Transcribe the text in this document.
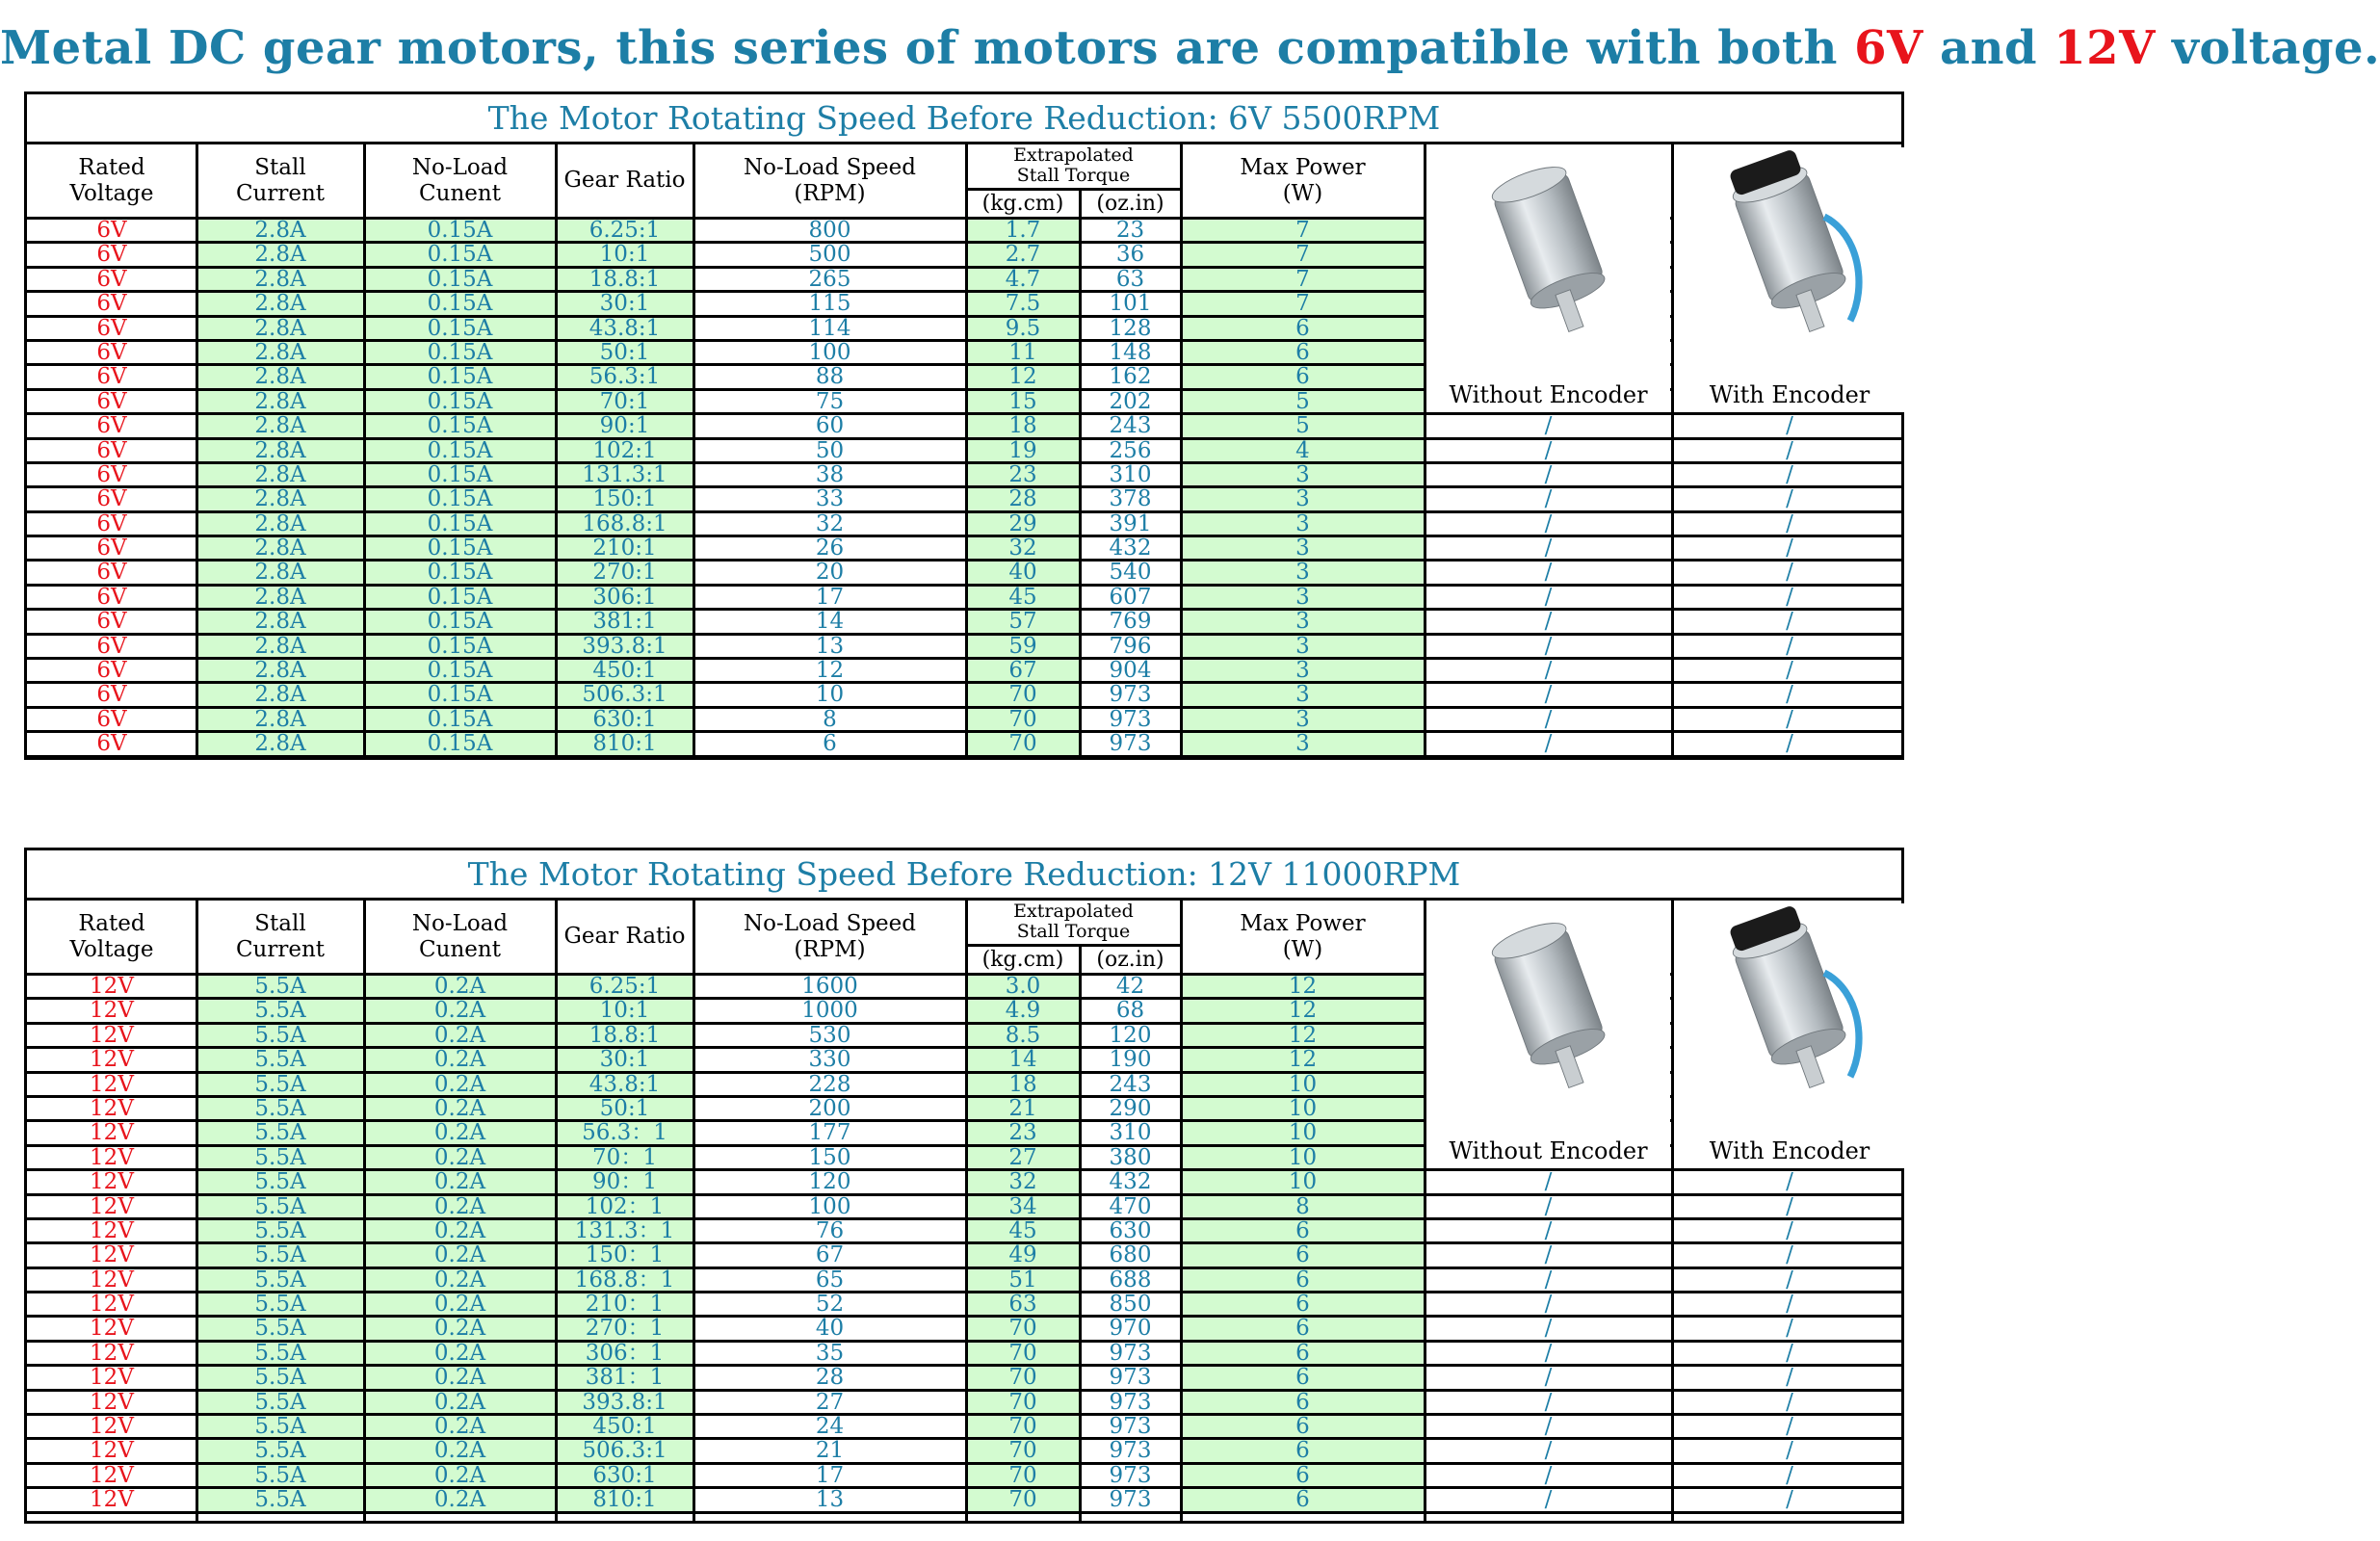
Metal DC gear motors, this series of motors are compatible with both 6V and 12V voltage.
The Motor Rotating Speed Before Reduction: 6V 5500RPM
Rated
Voltage
Stall
Current
No-Load
Cunent
Gear Ratio
No-Load Speed
(RPM)
Max Power
(W)
Extrapolated
Stall Torque
(kg.cm)	(oz.in)
6V	2.8A	0.15A	6.25:1	800	1.7	23	7
6V	2.8A	0.15A	10:1	500	2.7	36	7
6V	2.8A	0.15A	18.8:1	265	4.7	63	7
6V	2.8A	0.15A	30:1	115	7.5	101	7
6V	2.8A	0.15A	43.8:1	114	9.5	128	6
6V	2.8A	0.15A	50:1	100	11	148	6
6V	2.8A	0.15A	56.3:1	88	12	162	6
6V	2.8A	0.15A	70:1	75	15	202	5
6V	2.8A	0.15A	90:1	60	18	243	5	/	/
6V	2.8A	0.15A	102:1	50	19	256	4	/	/
6V	2.8A	0.15A	131.3:1	38	23	310	3	/	/
6V	2.8A	0.15A	150:1	33	28	378	3	/	/
6V	2.8A	0.15A	168.8:1	32	29	391	3	/	/
6V	2.8A	0.15A	210:1	26	32	432	3	/	/
6V	2.8A	0.15A	270:1	20	40	540	3	/	/
6V	2.8A	0.15A	306:1	17	45	607	3	/	/
6V	2.8A	0.15A	381:1	14	57	769	3	/	/
6V	2.8A	0.15A	393.8:1	13	59	796	3	/	/
6V	2.8A	0.15A	450:1	12	67	904	3	/	/
6V	2.8A	0.15A	506.3:1	10	70	973	3	/	/
6V	2.8A	0.15A	630:1	8	70	973	3	/	/
6V	2.8A	0.15A	810:1	6	70	973	3	/	/
Without Encoder	With Encoder
The Motor Rotating Speed Before Reduction: 12V 11000RPM
Rated
Voltage
Stall
Current
No-Load
Cunent
Gear Ratio
No-Load Speed
(RPM)
Max Power
(W)
Extrapolated
Stall Torque
(kg.cm)	(oz.in)
12V	5.5A	0.2A	6.25:1	1600	3.0	42	12
12V	5.5A	0.2A	10:1	1000	4.9	68	12
12V	5.5A	0.2A	18.8:1	530	8.5	120	12
12V	5.5A	0.2A	30:1	330	14	190	12
12V	5.5A	0.2A	43.8:1	228	18	243	10
12V	5.5A	0.2A	50:1	200	21	290	10
12V	5.5A	0.2A	56.3：1	177	23	310	10
12V	5.5A	0.2A	70：1	150	27	380	10
12V	5.5A	0.2A	90：1	120	32	432	10	/	/
12V	5.5A	0.2A	102：1	100	34	470	8	/	/
12V	5.5A	0.2A	131.3：1	76	45	630	6	/	/
12V	5.5A	0.2A	150：1	67	49	680	6	/	/
12V	5.5A	0.2A	168.8：1	65	51	688	6	/	/
12V	5.5A	0.2A	210：1	52	63	850	6	/	/
12V	5.5A	0.2A	270：1	40	70	970	6	/	/
12V	5.5A	0.2A	306：1	35	70	973	6	/	/
12V	5.5A	0.2A	381：1	28	70	973	6	/	/
12V	5.5A	0.2A	393.8:1	27	70	973	6	/	/
12V	5.5A	0.2A	450:1	24	70	973	6	/	/
12V	5.5A	0.2A	506.3:1	21	70	973	6	/	/
12V	5.5A	0.2A	630:1	17	70	973	6	/	/
12V	5.5A	0.2A	810:1	13	70	973	6	/	/
Without Encoder	With Encoder
